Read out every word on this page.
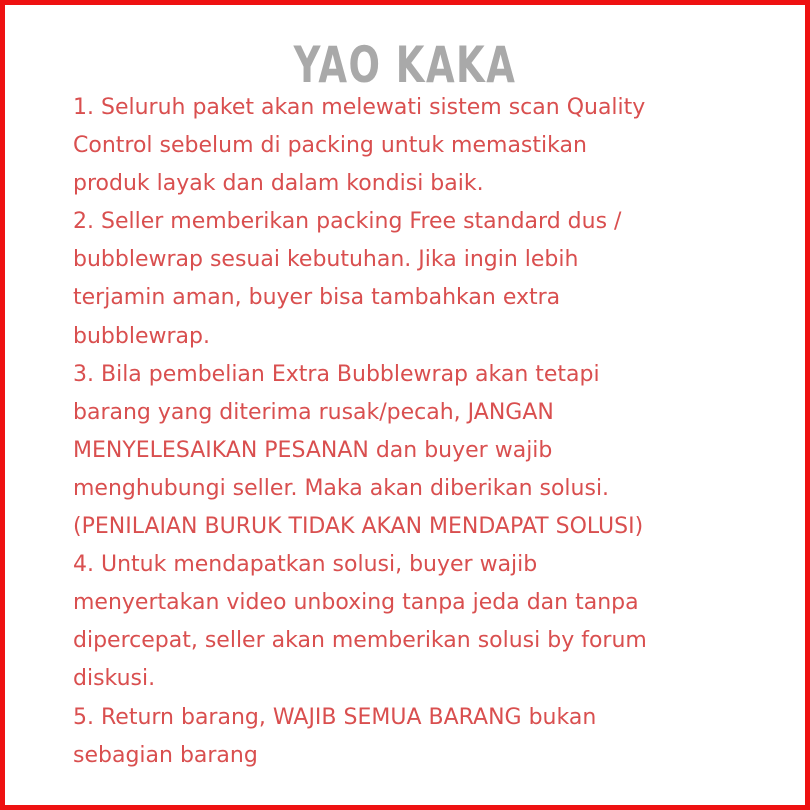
YAO KAKA
1. Seluruh paket akan melewati sistem scan Quality
Control sebelum di packing untuk memastikan
produk layak dan dalam kondisi baik.
2. Seller memberikan packing Free standard dus /
bubblewrap sesuai kebutuhan. Jika ingin lebih
terjamin aman, buyer bisa tambahkan extra
bubblewrap.
3. Bila pembelian Extra Bubblewrap akan tetapi
barang yang diterima rusak/pecah, JANGAN
MENYELESAIKAN PESANAN dan buyer wajib
menghubungi seller. Maka akan diberikan solusi.
(PENILAIAN BURUK TIDAK AKAN MENDAPAT SOLUSI)
4. Untuk mendapatkan solusi, buyer wajib
menyertakan video unboxing tanpa jeda dan tanpa
dipercepat, seller akan memberikan solusi by forum
diskusi.
5. Return barang, WAJIB SEMUA BARANG bukan
sebagian barang
